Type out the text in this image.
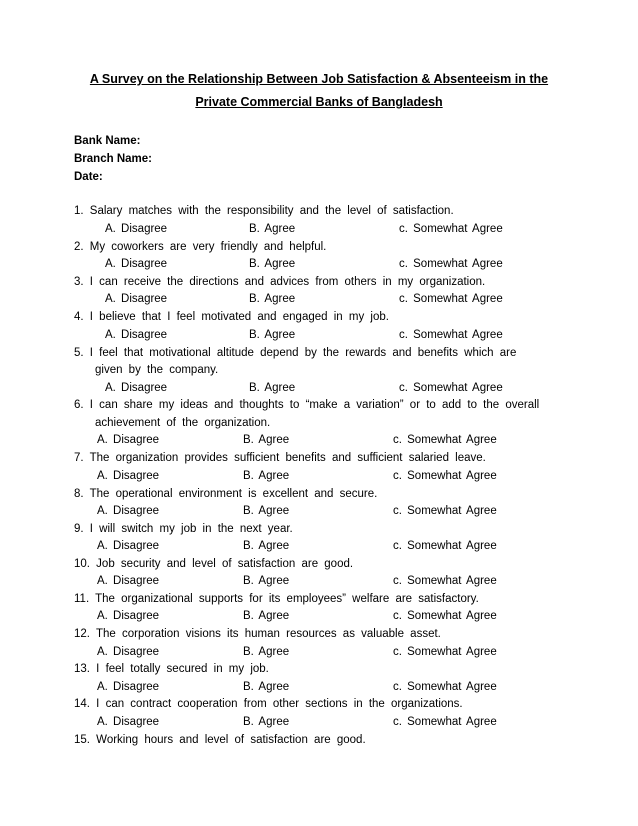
A Survey on the Relationship Between Job Satisfaction & Absenteeism in the
Private Commercial Banks of Bangladesh
Bank Name:
Branch Name:
Date:
1. Salary matches with the responsibility and the level of satisfaction.
A. Disagree	B. Agree	c. Somewhat Agree
2. My coworkers are very friendly and helpful.
A. Disagree	B. Agree	c. Somewhat Agree
3. I can receive the directions and advices from others in my organization.
A. Disagree	B. Agree	c. Somewhat Agree
4. I believe that I feel motivated and engaged in my job.
A. Disagree	B. Agree	c. Somewhat Agree
5. I feel that motivational altitude depend by the rewards and benefits which are
given by the company.
A. Disagree	B. Agree	c. Somewhat Agree
6. I can share my ideas and thoughts to “make a variation” or to add to the overall
achievement of the organization.
A. Disagree	B. Agree	c. Somewhat Agree
7. The organization provides sufficient benefits and sufficient salaried leave.
A. Disagree	B. Agree	c. Somewhat Agree
8. The operational environment is excellent and secure.
A. Disagree	B. Agree	c. Somewhat Agree
9. I will switch my job in the next year.
A. Disagree	B. Agree	c. Somewhat Agree
10. Job security and level of satisfaction are good.
A. Disagree	B. Agree	c. Somewhat Agree
11. The organizational supports for its employees” welfare are satisfactory.
A. Disagree	B. Agree	c. Somewhat Agree
12. The corporation visions its human resources as valuable asset.
A. Disagree	B. Agree	c. Somewhat Agree
13. I feel totally secured in my job.
A. Disagree	B. Agree	c. Somewhat Agree
14. I can contract cooperation from other sections in the organizations.
A. Disagree	B. Agree	c. Somewhat Agree
15. Working hours and level of satisfaction are good.
